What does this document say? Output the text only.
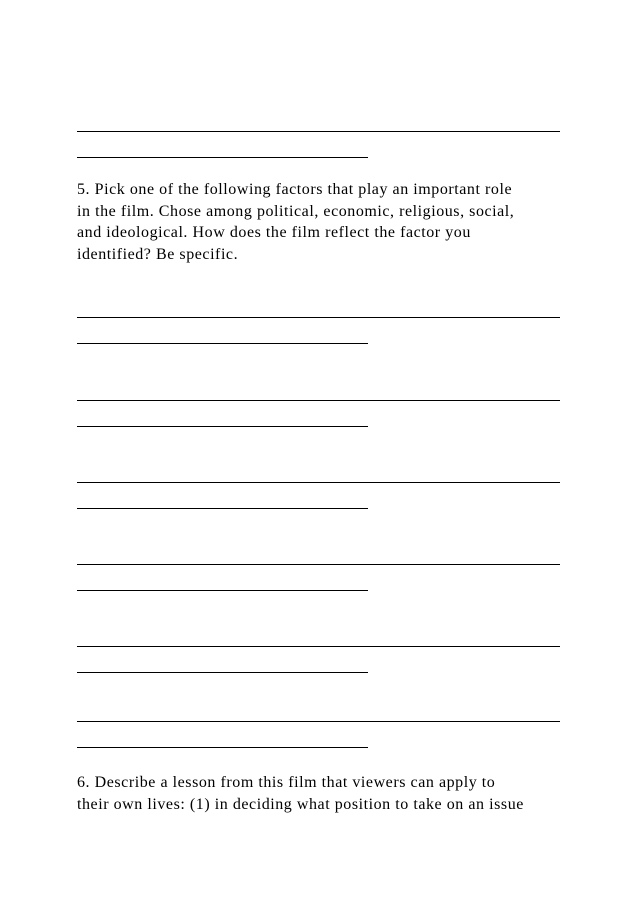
5. Pick one of the following factors that play an important role
in the film. Chose among political, economic, religious, social,
and ideological. How does the film reflect the factor you
identified? Be specific.
6. Describe a lesson from this film that viewers can apply to
their own lives: (1) in deciding what position to take on an issue
